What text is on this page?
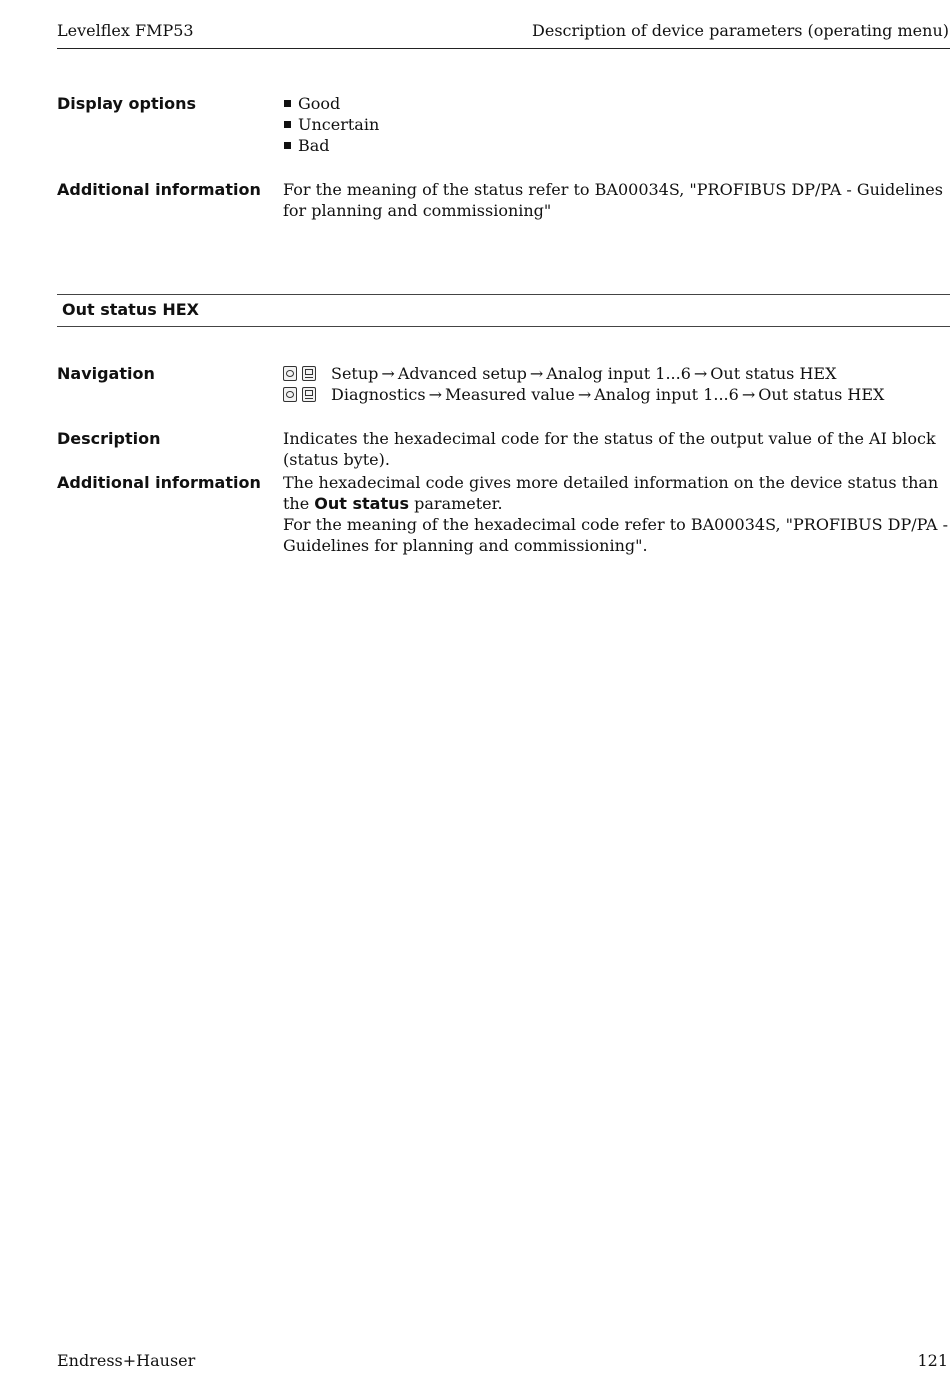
Levelflex FMP53	Description of device parameters (operating menu)
Display options	Good
Uncertain
Bad
Additional information	For the meaning of the status refer to BA00034S, "PROFIBUS DP/PA - Guidelines for planning and commissioning"
Out status HEX
Navigation	Setup → Advanced setup → Analog input 1...6 → Out status HEX
Diagnostics → Measured value → Analog input 1...6 → Out status HEX
Description	Indicates the hexadecimal code for the status of the output value of the AI block (status byte).
Additional information	The hexadecimal code gives more detailed information on the device status than the Out status parameter.
For the meaning of the hexadecimal code refer to BA00034S, "PROFIBUS DP/PA - Guidelines for planning and commissioning".
Endress+Hauser	121
